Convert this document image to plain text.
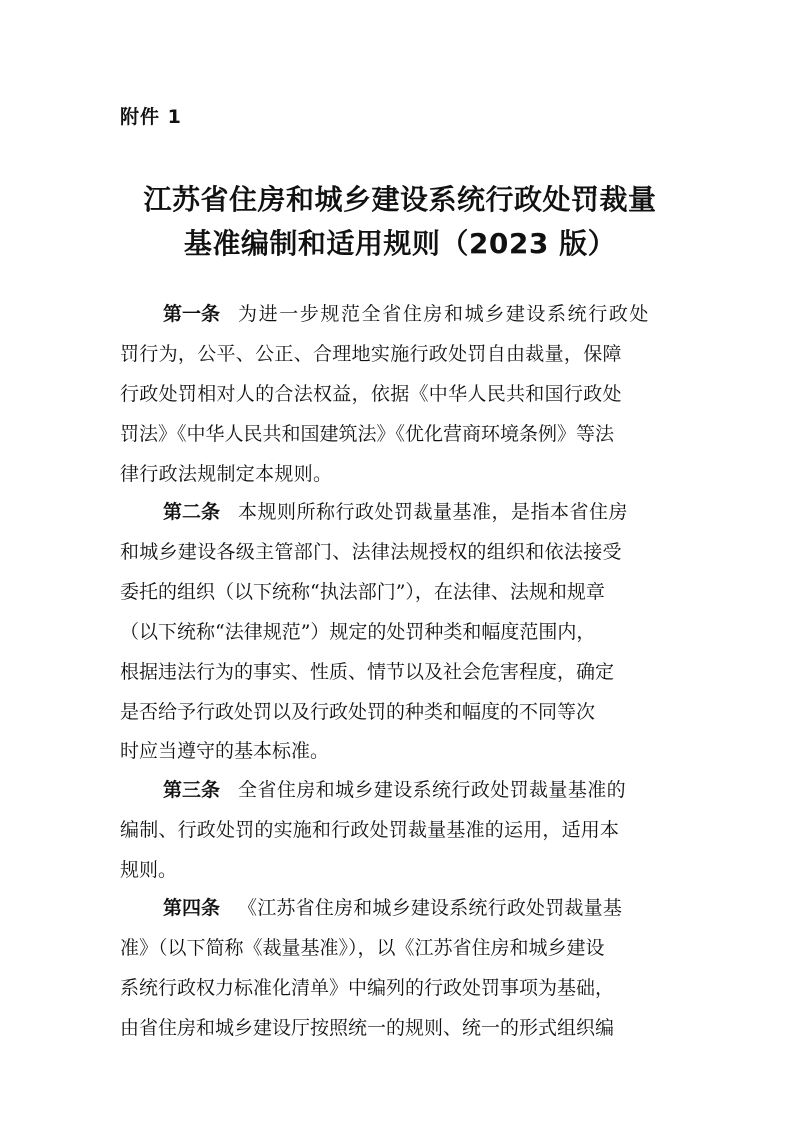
附件 1
江苏省住房和城乡建设系统行政处罚裁量
基准编制和适用规则（2023 版）
第一条 为进一步规范全省住房和城乡建设系统行政处
罚行为，公平、公正、合理地实施行政处罚自由裁量，保障
行政处罚相对人的合法权益，依据《中华人民共和国行政处
罚法》《中华人民共和国建筑法》《优化营商环境条例》等法
律行政法规制定本规则。
第二条 本规则所称行政处罚裁量基准，是指本省住房
和城乡建设各级主管部门、法律法规授权的组织和依法接受
委托的组织（以下统称“执法部门”），在法律、法规和规章
（以下统称“法律规范”）规定的处罚种类和幅度范围内，
根据违法行为的事实、性质、情节以及社会危害程度，确定
是否给予行政处罚以及行政处罚的种类和幅度的不同等次
时应当遵守的基本标准。
第三条 全省住房和城乡建设系统行政处罚裁量基准的
编制、行政处罚的实施和行政处罚裁量基准的运用，适用本
规则。
第四条 《江苏省住房和城乡建设系统行政处罚裁量基
准》（以下简称《裁量基准》），以《江苏省住房和城乡建设
系统行政权力标准化清单》中编列的行政处罚事项为基础，
由省住房和城乡建设厅按照统一的规则、统一的形式组织编
